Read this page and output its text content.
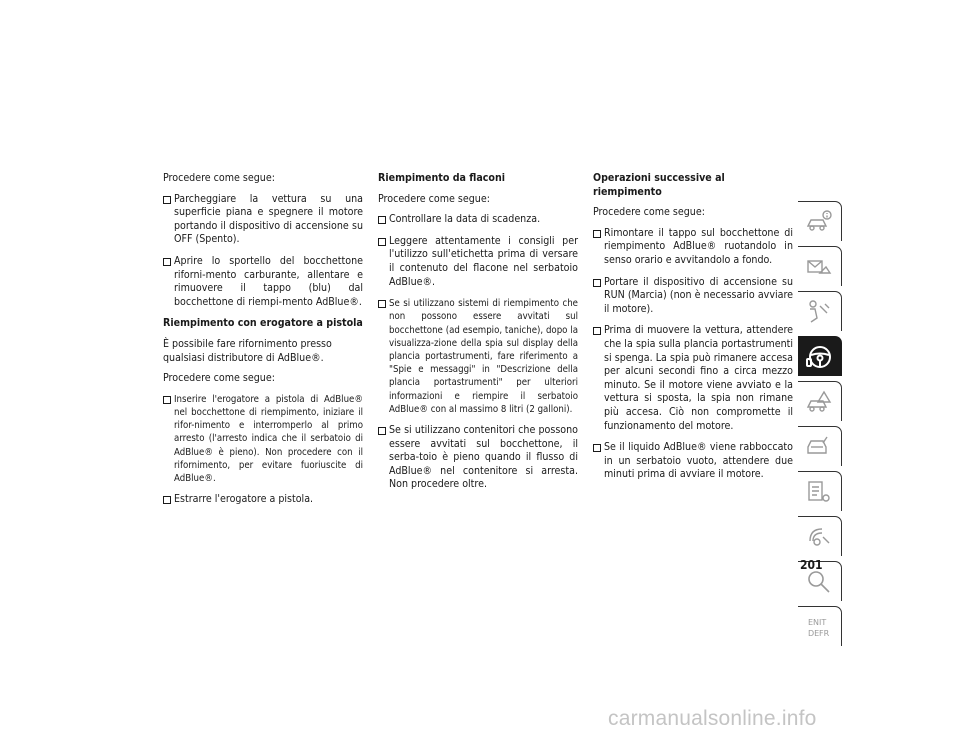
Procedere come segue:

Parcheggiare la vettura su una superficie piana e spegnere il motore portando il dispositivo di accensione su OFF (Spento).
Aprire lo sportello del bocchettone riforni-mento carburante, allentare e rimuovere il tappo (blu) dal bocchettone di riempi-mento AdBlue®.
Riempimento con erogatore a pistola

È possibile fare rifornimento presso qualsiasi distributore di AdBlue®.

Procedere come segue:

Inserire l'erogatore a pistola di AdBlue® nel bocchettone di riempimento, iniziare il rifor-nimento e interromperlo al primo arresto (l'arresto indica che il serbatoio di AdBlue® è pieno). Non procedere con il rifornimento, per evitare fuoriuscite di AdBlue®.
Estrarre l'erogatore a pistola.
Riempimento da flaconi

Procedere come segue:

Controllare la data di scadenza.
Leggere attentamente i consigli per l'utilizzo sull'etichetta prima di versare il contenuto del flacone nel serbatoio AdBlue®.
Se si utilizzano sistemi di riempimento che non possono essere avvitati sul bocchettone (ad esempio, taniche), dopo la visualizza-zione della spia sul display della plancia portastrumenti, fare riferimento a "Spie e messaggi" in "Descrizione della plancia portastrumenti" per ulteriori informazioni e riempire il serbatoio AdBlue® con al massimo 8 litri (2 galloni).
Se si utilizzano contenitori che possono essere avvitati sul bocchettone, il serba-toio è pieno quando il flusso di AdBlue® nel contenitore si arresta. Non procedere oltre.
Operazioni successive al riempimento

Procedere come segue:

Rimontare il tappo sul bocchettone di riempimento AdBlue® ruotandolo in senso orario e avvitandolo a fondo.
Portare il dispositivo di accensione su RUN (Marcia) (non è necessario avviare il motore).
Prima di muovere la vettura, attendere che la spia sulla plancia portastrumenti si spenga. La spia può rimanere accesa per alcuni secondi fino a circa mezzo minuto. Se il motore viene avviato e la vettura si sposta, la spia non rimane più accesa. Ciò non compromette il funzionamento del motore.
Se il liquido AdBlue® viene rabboccato in un serbatoio vuoto, attendere due minuti prima di avviare il motore.
EN IT
DE FR
201
carmanualsonline.info
